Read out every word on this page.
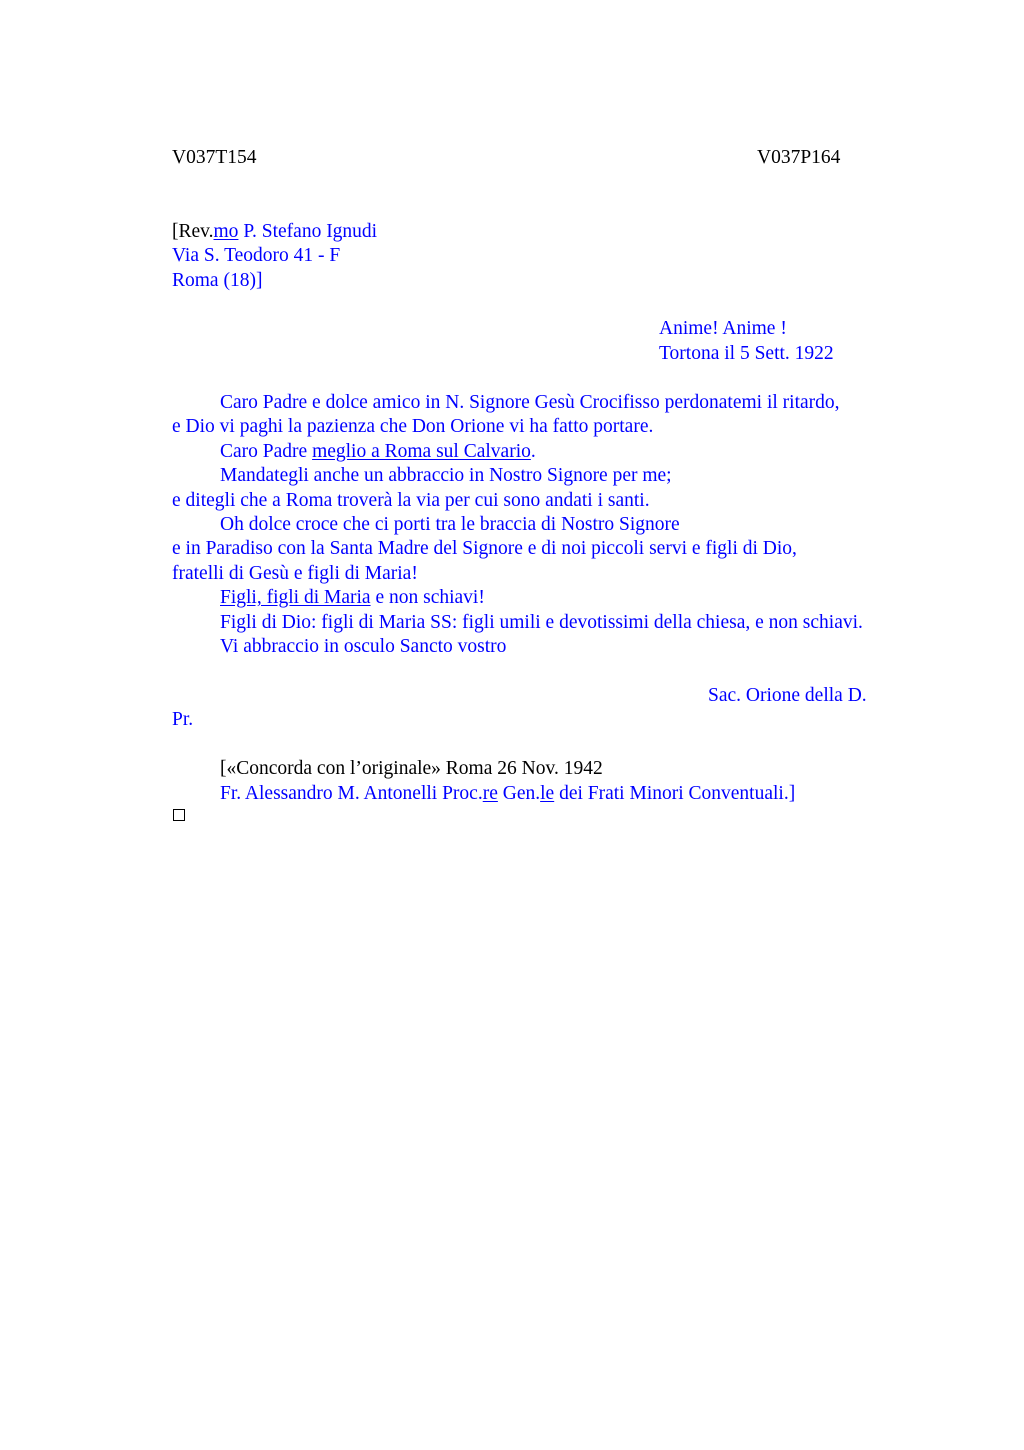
V037T154	V037P164
[Rev.mo P. Stefano Ignudi
Via S. Teodoro 41 - F
Roma (18)]
Anime! Anime !
Tortona il 5 Sett. 1922
Caro Padre e dolce amico in N. Signore Gesù Crocifisso perdonatemi il ritardo,
e Dio vi paghi la pazienza che Don Orione vi ha fatto portare.
Caro Padre meglio a Roma sul Calvario.
Mandategli anche un abbraccio in Nostro Signore per me;
e ditegli che a Roma troverà la via per cui sono andati i santi.
Oh dolce croce che ci porti tra le braccia di Nostro Signore
e in Paradiso con la Santa Madre del Signore e di noi piccoli servi e figli di Dio,
fratelli di Gesù e figli di Maria!
Figli, figli di Maria e non schiavi!
Figli di Dio: figli di Maria SS: figli umili e devotissimi della chiesa, e non schiavi.
Vi abbraccio in osculo Sancto vostro
Sac. Orione della D.
Pr.
[«Concorda con l’originale» Roma 26 Nov. 1942
Fr. Alessandro M. Antonelli Proc.re Gen.le dei Frati Minori Conventuali.]
